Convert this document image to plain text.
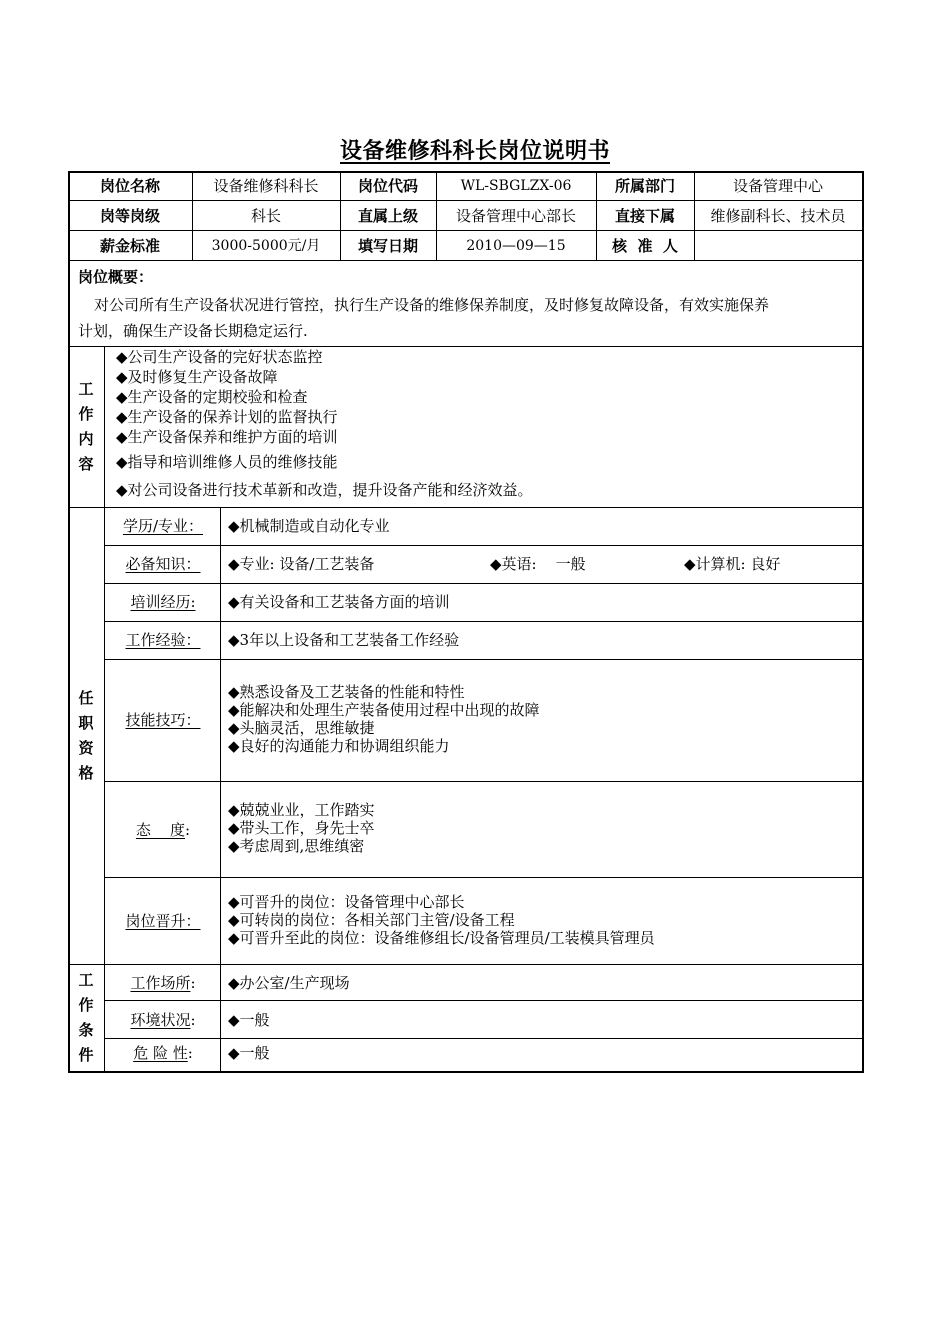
设备维修科科长岗位说明书
岗位名称	设备维修科科长	岗位代码	WL-SBGLZX-06	所属部门	设备管理中心
岗等岗级	科长	直属上级	设备管理中心部长	直接下属	维修副科长、技术员
薪金标准	3000-5000元/月	填写日期	2010—09—15	核  准  人
岗位概要：
对公司所有生产设备状况进行管控，执行生产设备的维修保养制度，及时修复故障设备，有效实施保养
计划，确保生产设备长期稳定运行.
工
作
内
容
◆公司生产设备的完好状态监控
◆及时修复生产设备故障
◆生产设备的定期校验和检查
◆生产设备的保养计划的监督执行
◆生产设备保养和维护方面的培训
◆指导和培训维修人员的维修技能
◆对公司设备进行技术革新和改造，提升设备产能和经济效益。
任
职
资
格
学历/专业：	◆机械制造或自动化专业
必备知识：	◆专业: 设备/工艺装备	◆英语:    一般	◆计算机: 良好
培训经历:	◆有关设备和工艺装备方面的培训
工作经验：	◆3年以上设备和工艺装备工作经验
技能技巧：
◆熟悉设备及工艺装备的性能和特性
◆能解决和处理生产装备使用过程中出现的故障
◆头脑灵活，思维敏捷
◆良好的沟通能力和协调组织能力
态    度:
◆兢兢业业，工作踏实
◆带头工作，身先士卒
◆考虑周到,思维缜密
岗位晋升：
◆可晋升的岗位：设备管理中心部长
◆可转岗的岗位：各相关部门主管/设备工程
◆可晋升至此的岗位：设备维修组长/设备管理员/工装模具管理员
工
作
条
件
工作场所:	◆办公室/生产现场
环境状况:	◆一般
危 险 性:	◆一般
